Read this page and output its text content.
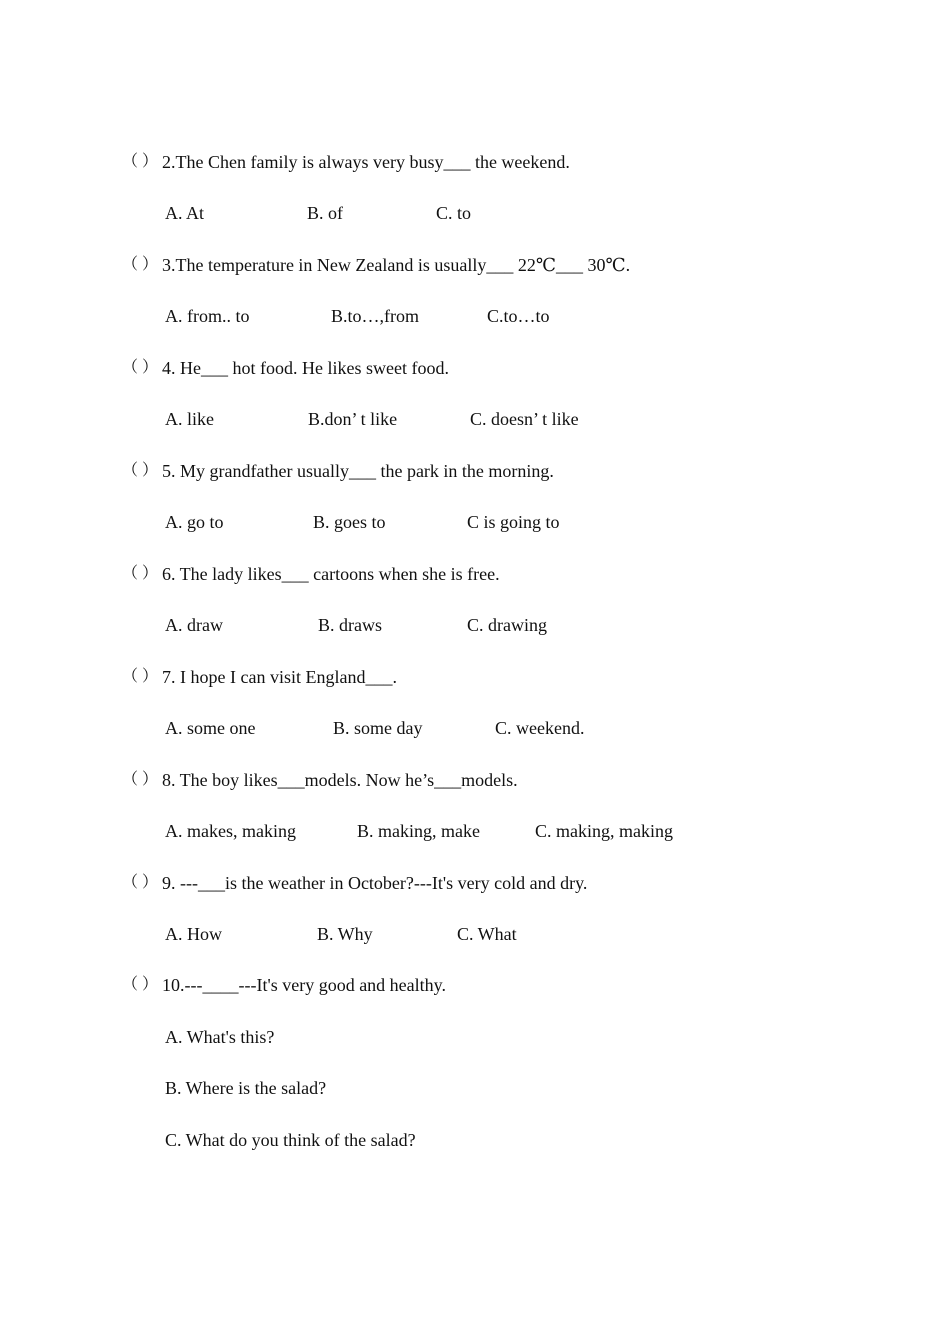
（ ） 2.The Chen family is always very busy___ the weekend.
A. At	B. of	C. to
（ ） 3.The temperature in New Zealand is usually___ 22℃___ 30℃.
A. from.. to	B.to…,from	C.to…to
（ ） 4. He___ hot food. He likes sweet food.
A. like	B.don’ t like	C. doesn’ t like
（ ） 5. My grandfather usually___ the park in the morning.
A. go to	B. goes to	C is going to
（ ） 6. The lady likes___ cartoons when she is free.
A. draw	B. draws	C. drawing
（ ） 7. I hope I can visit England___.
A. some one	B. some day	C. weekend.
（ ） 8. The boy likes___models. Now he’s___models.
A. makes, making	B. making, make	C. making, making
（ ） 9. ---___is the weather in October?---It's very cold and dry.
A. How	B. Why	C. What
（ ） 10.---____---It's very good and healthy.
A. What's this?
B. Where is the salad?
C. What do you think of the salad?
